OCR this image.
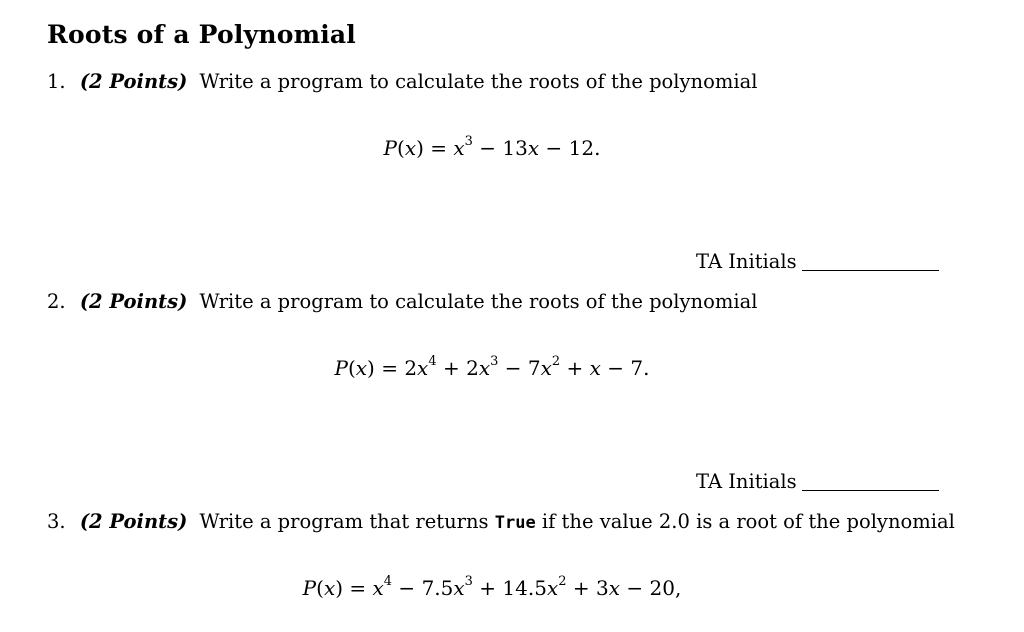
Roots of a Polynomial
1. (2 Points) Write a program to calculate the roots of the polynomial
$P(x) = x^3 - 13x - 12$.
TA Initials
2. (2 Points) Write a program to calculate the roots of the polynomial
$P(x) = 2x^4 + 2x^3 - 7x^2 + x - 7$.
TA Initials
3. (2 Points) Write a program that returns True if the value 2.0 is a root of the polynomial
$P(x) = x^4 - 7.5x^3 + 14.5x^2 + 3x - 20$,
